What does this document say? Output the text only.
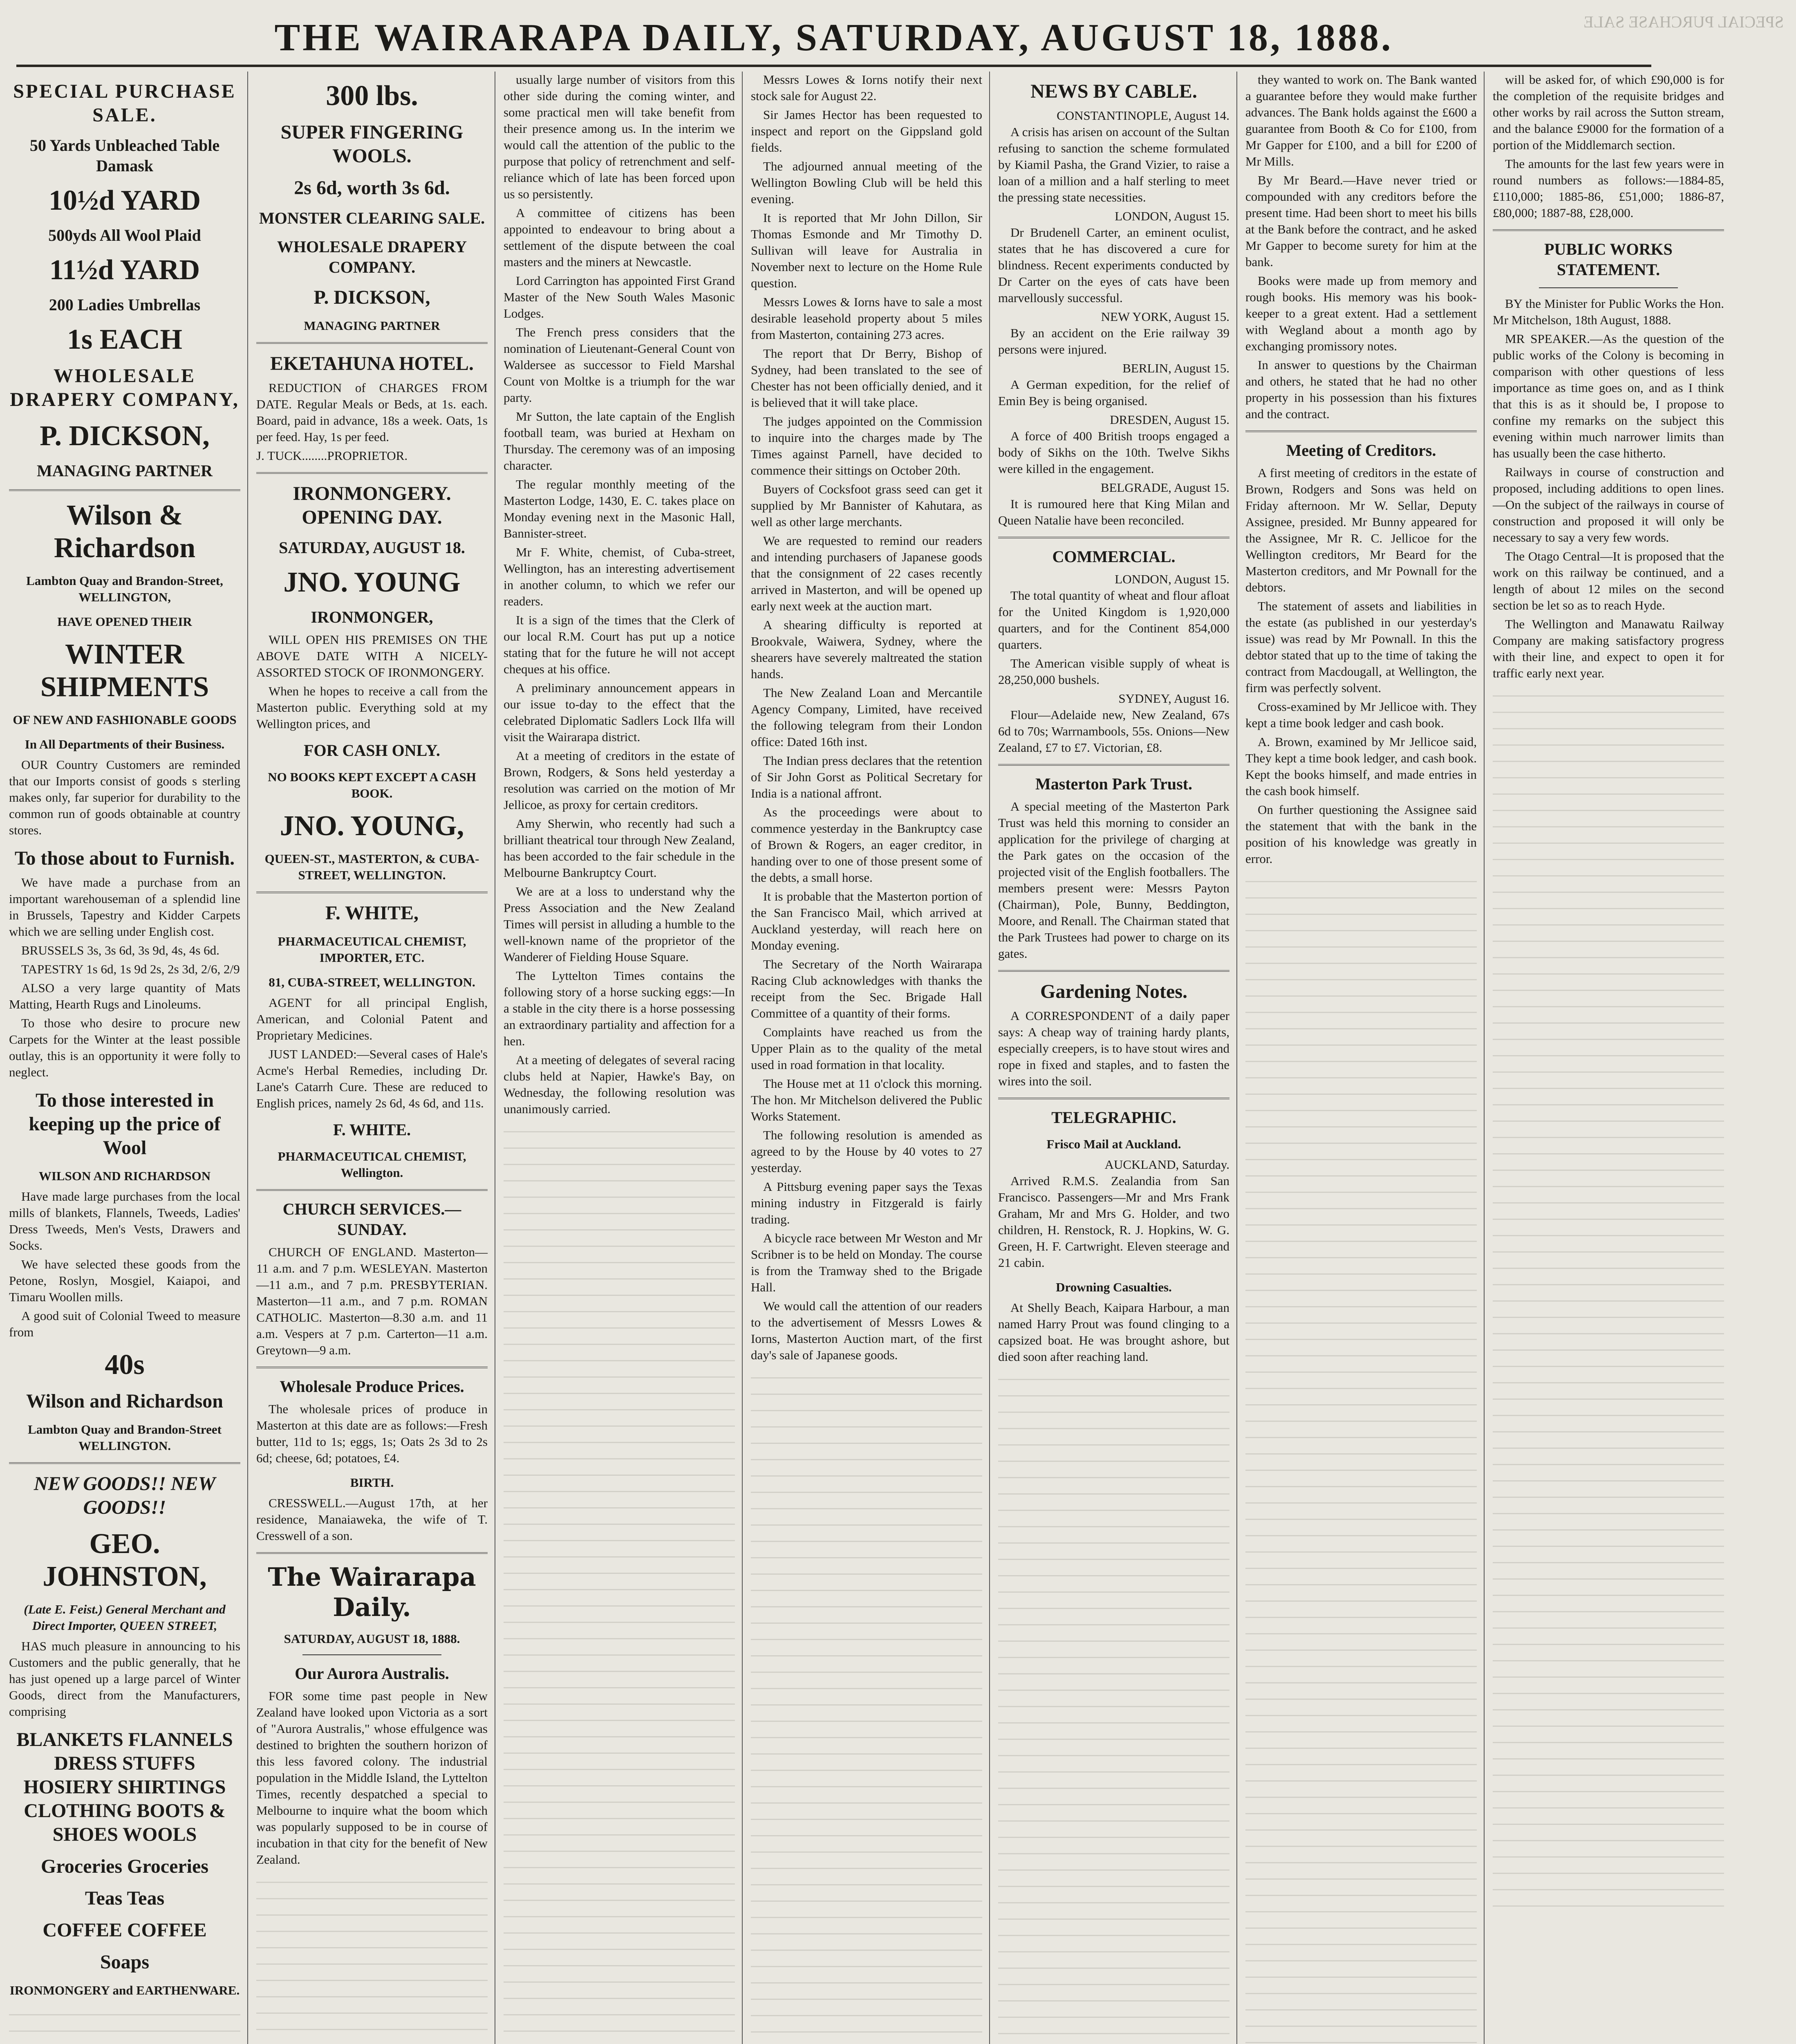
THE WAIRARAPA DAILY, SATURDAY, AUGUST 18, 1888.	SPECIAL PURCHASE SALE
SPECIAL PURCHASE SALE.
50 Yards Unbleached Table Damask
10½d YARD
500yds All Wool Plaid
11½d YARD
200 Ladies Umbrellas
1s EACH
WHOLESALE DRAPERY COMPANY,
P. DICKSON,
MANAGING PARTNER
Wilson & Richardson
Lambton Quay and Brandon-Street, WELLINGTON,
HAVE OPENED THEIR
WINTER SHIPMENTS
OF NEW AND FASHIONABLE GOODS
In All Departments of their Business.

OUR Country Customers are reminded that our Imports consist of goods s sterling makes only, far superior for durability to the common run of goods obtainable at country stores.

To those about to Furnish.

We have made a purchase from an important warehouseman of a splendid line in Brussels, Tapestry and Kidder Carpets which we are selling under English cost.

BRUSSELS 3s, 3s 6d, 3s 9d, 4s, 4s 6d.

TAPESTRY 1s 6d, 1s 9d 2s, 2s 3d, 2/6, 2/9

ALSO a very large quantity of Mats Matting, Hearth Rugs and Linoleums.

To those who desire to procure new Carpets for the Winter at the least possible outlay, this is an opportunity it were folly to neglect.

To those interested in keeping up the price of Wool
WILSON AND RICHARDSON

Have made large purchases from the local mills of blankets, Flannels, Tweeds, Ladies' Dress Tweeds, Men's Vests, Drawers and Socks.

We have selected these goods from the Petone, Roslyn, Mosgiel, Kaiapoi, and Timaru Woollen mills.

A good suit of Colonial Tweed to measure from

40s
Wilson and Richardson
Lambton Quay and Brandon-Street WELLINGTON.
NEW GOODS!! NEW GOODS!!
GEO. JOHNSTON,
(Late E. Feist.) General Merchant and Direct Importer, QUEEN STREET,

HAS much pleasure in announcing to his Customers and the public generally, that he has just opened up a large parcel of Winter Goods, direct from the Manufacturers, comprising

BLANKETS FLANNELS DRESS STUFFS HOSIERY SHIRTINGS CLOTHING BOOTS & SHOES WOOLS
Groceries Groceries
Teas Teas
COFFEE COFFEE
Soaps
IRONMONGERY and EARTHENWARE.
300 lbs.
SUPER FINGERING WOOLS.
2s 6d, worth 3s 6d.
MONSTER CLEARING SALE.
WHOLESALE DRAPERY COMPANY.
P. DICKSON,
MANAGING PARTNER
EKETAHUNA HOTEL.

REDUCTION of CHARGES FROM DATE. Regular Meals or Beds, at 1s. each. Board, paid in advance, 18s a week. Oats, 1s per feed. Hay, 1s per feed.

J. TUCK........PROPRIETOR.
IRONMONGERY. OPENING DAY.
SATURDAY, AUGUST 18.
JNO. YOUNG
IRONMONGER,

WILL OPEN HIS PREMISES ON THE ABOVE DATE WITH A NICELY-ASSORTED STOCK OF IRONMONGERY.

When he hopes to receive a call from the Masterton public. Everything sold at my Wellington prices, and

FOR CASH ONLY.
NO BOOKS KEPT EXCEPT A CASH BOOK.
JNO. YOUNG,
QUEEN-ST., MASTERTON, & CUBA-STREET, WELLINGTON.
F. WHITE,
PHARMACEUTICAL CHEMIST, IMPORTER, ETC.
81, CUBA-STREET, WELLINGTON.

AGENT for all principal English, American, and Colonial Patent and Proprietary Medicines.

JUST LANDED:—Several cases of Hale's Acme's Herbal Remedies, including Dr. Lane's Catarrh Cure. These are reduced to English prices, namely 2s 6d, 4s 6d, and 11s.

F. WHITE.
PHARMACEUTICAL CHEMIST, Wellington.
CHURCH SERVICES.—SUNDAY.

CHURCH OF ENGLAND. Masterton—11 a.m. and 7 p.m. WESLEYAN. Masterton—11 a.m., and 7 p.m. PRESBYTERIAN. Masterton—11 a.m., and 7 p.m. ROMAN CATHOLIC. Masterton—8.30 a.m. and 11 a.m. Vespers at 7 p.m. Carterton—11 a.m. Greytown—9 a.m.

Wholesale Produce Prices.

The wholesale prices of produce in Masterton at this date are as follows:—Fresh butter, 11d to 1s; eggs, 1s; Oats 2s 3d to 2s 6d; cheese, 6d; potatoes, £4.

BIRTH.

CRESSWELL.—August 17th, at her residence, Manaiaweka, the wife of T. Cresswell of a son.

The Wairarapa Daily.
SATURDAY, AUGUST 18, 1888.
Our Aurora Australis.

FOR some time past people in New Zealand have looked upon Victoria as a sort of "Aurora Australis," whose effulgence was destined to brighten the southern horizon of this less favored colony. The industrial population in the Middle Island, the Lyttelton Times, recently despatched a special to Melbourne to inquire what the boom which was popularly supposed to be in course of incubation in that city for the benefit of New Zealand.

usually large number of visitors from this other side during the coming winter, and some practical men will take benefit from their presence among us. In the interim we would call the attention of the public to the purpose that policy of retrenchment and self-reliance which of late has been forced upon us so persistently.

A committee of citizens has been appointed to endeavour to bring about a settlement of the dispute between the coal masters and the miners at Newcastle.

Lord Carrington has appointed First Grand Master of the New South Wales Masonic Lodges.

The French press considers that the nomination of Lieutenant-General Count von Waldersee as successor to Field Marshal Count von Moltke is a triumph for the war party.

Mr Sutton, the late captain of the English football team, was buried at Hexham on Thursday. The ceremony was of an imposing character.

The regular monthly meeting of the Masterton Lodge, 1430, E. C. takes place on Monday evening next in the Masonic Hall, Bannister-street.

Mr F. White, chemist, of Cuba-street, Wellington, has an interesting advertisement in another column, to which we refer our readers.

It is a sign of the times that the Clerk of our local R.M. Court has put up a notice stating that for the future he will not accept cheques at his office.

A preliminary announcement appears in our issue to-day to the effect that the celebrated Diplomatic Sadlers Lock Ilfa will visit the Wairarapa district.

At a meeting of creditors in the estate of Brown, Rodgers, & Sons held yesterday a resolution was carried on the motion of Mr Jellicoe, as proxy for certain creditors.

Amy Sherwin, who recently had such a brilliant theatrical tour through New Zealand, has been accorded to the fair schedule in the Melbourne Bankruptcy Court.

We are at a loss to understand why the Press Association and the New Zealand Times will persist in alluding a humble to the well-known name of the proprietor of the Wanderer of Fielding House Square.

The Lyttelton Times contains the following story of a horse sucking eggs:—In a stable in the city there is a horse possessing an extraordinary partiality and affection for a hen.

At a meeting of delegates of several racing clubs held at Napier, Hawke's Bay, on Wednesday, the following resolution was unanimously carried.

Messrs Lowes & Iorns notify their next stock sale for August 22.

Sir James Hector has been requested to inspect and report on the Gippsland gold fields.

The adjourned annual meeting of the Wellington Bowling Club will be held this evening.

It is reported that Mr John Dillon, Sir Thomas Esmonde and Mr Timothy D. Sullivan will leave for Australia in November next to lecture on the Home Rule question.

Messrs Lowes & Iorns have to sale a most desirable leasehold property about 5 miles from Masterton, containing 273 acres.

The report that Dr Berry, Bishop of Sydney, had been translated to the see of Chester has not been officially denied, and it is believed that it will take place.

The judges appointed on the Commission to inquire into the charges made by The Times against Parnell, have decided to commence their sittings on October 20th.

Buyers of Cocksfoot grass seed can get it supplied by Mr Bannister of Kahutara, as well as other large merchants.

We are requested to remind our readers and intending purchasers of Japanese goods that the consignment of 22 cases recently arrived in Masterton, and will be opened up early next week at the auction mart.

A shearing difficulty is reported at Brookvale, Waiwera, Sydney, where the shearers have severely maltreated the station hands.

The New Zealand Loan and Mercantile Agency Company, Limited, have received the following telegram from their London office: Dated 16th inst.

The Indian press declares that the retention of Sir John Gorst as Political Secretary for India is a national affront.

As the proceedings were about to commence yesterday in the Bankruptcy case of Brown & Rogers, an eager creditor, in handing over to one of those present some of the debts, a small horse.

It is probable that the Masterton portion of the San Francisco Mail, which arrived at Auckland yesterday, will reach here on Monday evening.

The Secretary of the North Wairarapa Racing Club acknowledges with thanks the receipt from the Sec. Brigade Hall Committee of a quantity of their forms.

Complaints have reached us from the Upper Plain as to the quality of the metal used in road formation in that locality.

The House met at 11 o'clock this morning. The hon. Mr Mitchelson delivered the Public Works Statement.

The following resolution is amended as agreed to by the House by 40 votes to 27 yesterday.

A Pittsburg evening paper says the Texas mining industry in Fitzgerald is fairly trading.

A bicycle race between Mr Weston and Mr Scribner is to be held on Monday. The course is from the Tramway shed to the Brigade Hall.

We would call the attention of our readers to the advertisement of Messrs Lowes & Iorns, Masterton Auction mart, of the first day's sale of Japanese goods.

NEWS BY CABLE.
CONSTANTINOPLE, August 14.

A crisis has arisen on account of the Sultan refusing to sanction the scheme formulated by Kiamil Pasha, the Grand Vizier, to raise a loan of a million and a half sterling to meet the pressing state necessities.

LONDON, August 15.

Dr Brudenell Carter, an eminent oculist, states that he has discovered a cure for blindness. Recent experiments conducted by Dr Carter on the eyes of cats have been marvellously successful.

NEW YORK, August 15.

By an accident on the Erie railway 39 persons were injured.

BERLIN, August 15.

A German expedition, for the relief of Emin Bey is being organised.

DRESDEN, August 15.

A force of 400 British troops engaged a body of Sikhs on the 10th. Twelve Sikhs were killed in the engagement.

BELGRADE, August 15.

It is rumoured here that King Milan and Queen Natalie have been reconciled.

COMMERCIAL.
LONDON, August 15.

The total quantity of wheat and flour afloat for the United Kingdom is 1,920,000 quarters, and for the Continent 854,000 quarters.

The American visible supply of wheat is 28,250,000 bushels.

SYDNEY, August 16.

Flour—Adelaide new, New Zealand, 67s 6d to 70s; Warrnambools, 55s. Onions—New Zealand, £7 to £7. Victorian, £8.

Masterton Park Trust.

A special meeting of the Masterton Park Trust was held this morning to consider an application for the privilege of charging at the Park gates on the occasion of the projected visit of the English footballers. The members present were: Messrs Payton (Chairman), Pole, Bunny, Beddington, Moore, and Renall. The Chairman stated that the Park Trustees had power to charge on its gates.

Gardening Notes.

A CORRESPONDENT of a daily paper says: A cheap way of training hardy plants, especially creepers, is to have stout wires and rope in fixed and staples, and to fasten the wires into the soil.

TELEGRAPHIC.
Frisco Mail at Auckland.
AUCKLAND, Saturday.

Arrived R.M.S. Zealandia from San Francisco. Passengers—Mr and Mrs Frank Graham, Mr and Mrs G. Holder, and two children, H. Renstock, R. J. Hopkins, W. G. Green, H. F. Cartwright. Eleven steerage and 21 cabin.

Drowning Casualties.

At Shelly Beach, Kaipara Harbour, a man named Harry Prout was found clinging to a capsized boat. He was brought ashore, but died soon after reaching land.

they wanted to work on. The Bank wanted a guarantee before they would make further advances. The Bank holds against the £600 a guarantee from Booth & Co for £100, from Mr Gapper for £100, and a bill for £200 of Mr Mills.

By Mr Beard.—Have never tried or compounded with any creditors before the present time. Had been short to meet his bills at the Bank before the contract, and he asked Mr Gapper to become surety for him at the bank.

Books were made up from memory and rough books. His memory was his book-keeper to a great extent. Had a settlement with Wegland about a month ago by exchanging promissory notes.

In answer to questions by the Chairman and others, he stated that he had no other property in his possession than his fixtures and the contract.

Meeting of Creditors.

A first meeting of creditors in the estate of Brown, Rodgers and Sons was held on Friday afternoon. Mr W. Sellar, Deputy Assignee, presided. Mr Bunny appeared for the Assignee, Mr R. C. Jellicoe for the Wellington creditors, Mr Beard for the Masterton creditors, and Mr Pownall for the debtors.

The statement of assets and liabilities in the estate (as published in our yesterday's issue) was read by Mr Pownall. In this the debtor stated that up to the time of taking the contract from Macdougall, at Wellington, the firm was perfectly solvent.

Cross-examined by Mr Jellicoe with. They kept a time book ledger and cash book.

A. Brown, examined by Mr Jellicoe said, They kept a time book ledger, and cash book. Kept the books himself, and made entries in the cash book himself.

On further questioning the Assignee said the statement that with the bank in the position of his knowledge was greatly in error.

will be asked for, of which £90,000 is for the completion of the requisite bridges and other works by rail across the Sutton stream, and the balance £9000 for the formation of a portion of the Middlemarch section.

The amounts for the last few years were in round numbers as follows:—1884-85, £110,000; 1885-86, £51,000; 1886-87, £80,000; 1887-88, £28,000.

PUBLIC WORKS STATEMENT.

BY the Minister for Public Works the Hon. Mr Mitchelson, 18th August, 1888.

MR SPEAKER.—As the question of the public works of the Colony is becoming in comparison with other questions of less importance as time goes on, and as I think that this is as it should be, I propose to confine my remarks on the subject this evening within much narrower limits than has usually been the case hitherto.

Railways in course of construction and proposed, including additions to open lines.—On the subject of the railways in course of construction and proposed it will only be necessary to say a very few words.

The Otago Central—It is proposed that the work on this railway be continued, and a length of about 12 miles on the second section be let so as to reach Hyde.

The Wellington and Manawatu Railway Company are making satisfactory progress with their line, and expect to open it for traffic early next year.
